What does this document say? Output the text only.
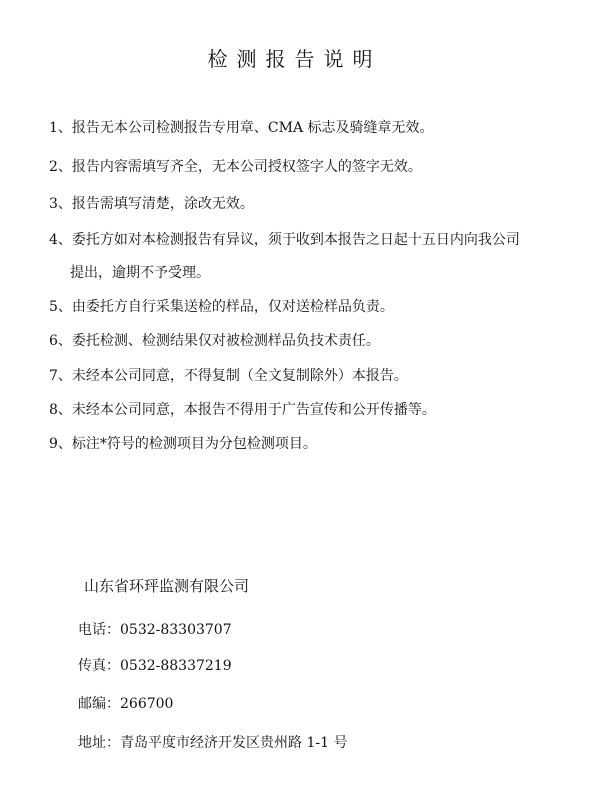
检测报告说明
1、 报告无本公司检测报告专用章、CMA 标志及骑缝章无效。
2、 报告内容需填写齐全，无本公司授权签字人的签字无效。
3、 报告需填写清楚，涂改无效。
4、 委托方如对本检测报告有异议，须于收到本报告之日起十五日内向我公司
提出，逾期不予受理。
5、 由委托方自行采集送检的样品，仅对送检样品负责。
6、 委托检测、检测结果仅对被检测样品负技术责任。
7、 未经本公司同意，不得复制（全文复制除外）本报告。
8、 未经本公司同意，本报告不得用于广告宣传和公开传播等。
9、 标注*符号的检测项目为分包检测项目。
山东省环玶监测有限公司
电话：0532-83303707
传真：0532-88337219
邮编：266700
地址：青岛平度市经济开发区贵州路 1-1 号
